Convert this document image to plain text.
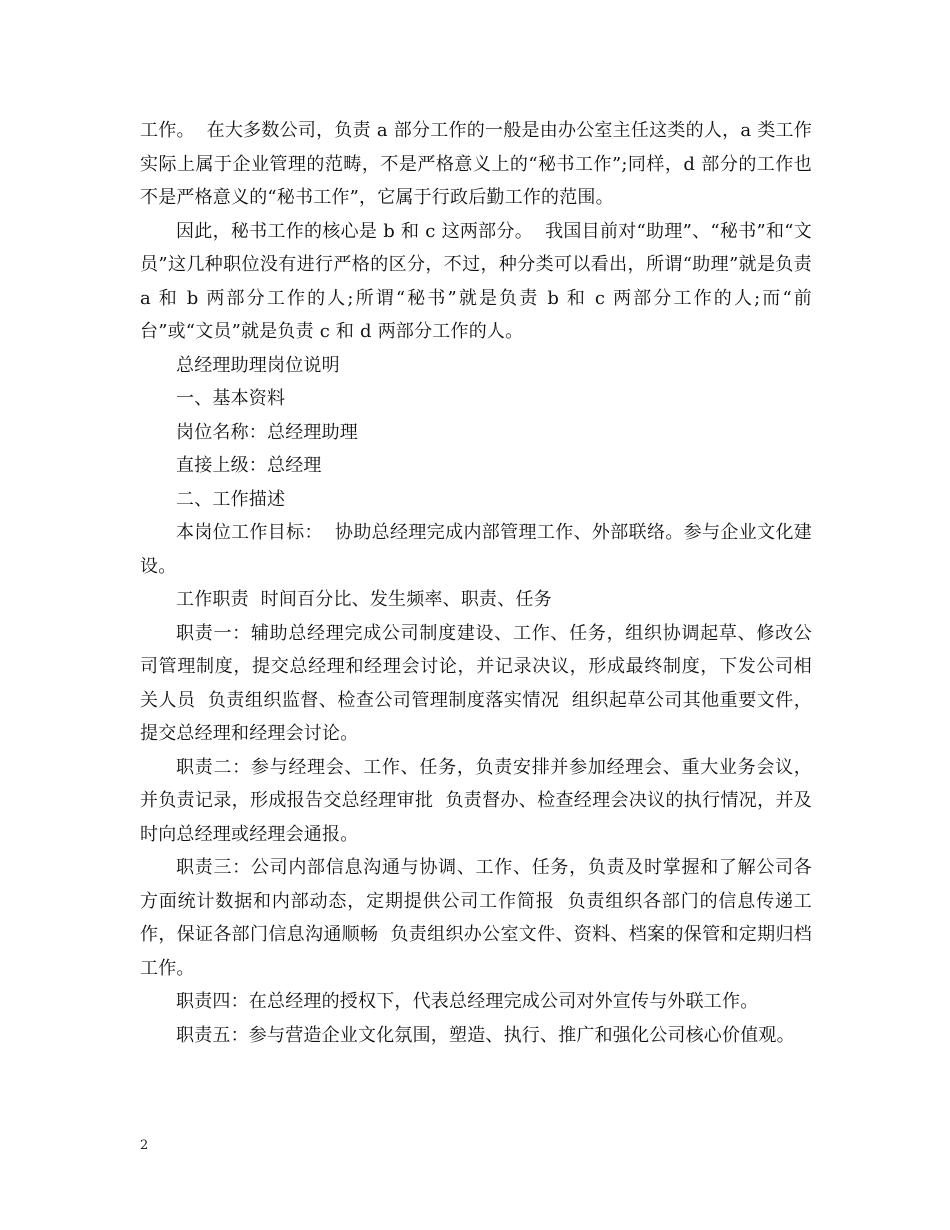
工作。  在大多数公司，负责 a 部分工作的一般是由办公室主任这类的人，a 类工作实际上属于企业管理的范畴，不是严格意义上的“秘书工作”;同样，d 部分的工作也不是严格意义的“秘书工作”，它属于行政后勤工作的范围。

因此，秘书工作的核心是 b 和 c 这两部分。  我国目前对“助理”、“秘书”和“文员”这几种职位没有进行严格的区分，不过，种分类可以看出，所谓“助理”就是负责 a 和 b 两部分工作的人;所谓“秘书”就是负责 b 和 c 两部分工作的人;而“前台”或“文员”就是负责 c 和 d 两部分工作的人。

总经理助理岗位说明

一、基本资料

岗位名称：总经理助理

直接上级：总经理

二、工作描述

本岗位工作目标：  协助总经理完成内部管理工作、外部联络。参与企业文化建设。

工作职责  时间百分比、发生频率、职责、任务

职责一：辅助总经理完成公司制度建设、工作、任务，组织协调起草、修改公司管理制度，提交总经理和经理会讨论，并记录决议，形成最终制度，下发公司相关人员  负责组织监督、检查公司管理制度落实情况  组织起草公司其他重要文件，提交总经理和经理会讨论。

职责二：参与经理会、工作、任务，负责安排并参加经理会、重大业务会议，并负责记录，形成报告交总经理审批  负责督办、检查经理会决议的执行情况，并及时向总经理或经理会通报。

职责三：公司内部信息沟通与协调、工作、任务，负责及时掌握和了解公司各方面统计数据和内部动态，定期提供公司工作简报  负责组织各部门的信息传递工作，保证各部门信息沟通顺畅  负责组织办公室文件、资料、档案的保管和定期归档工作。

职责四：在总经理的授权下，代表总经理完成公司对外宣传与外联工作。

职责五：参与营造企业文化氛围，塑造、执行、推广和强化公司核心价值观。

2
